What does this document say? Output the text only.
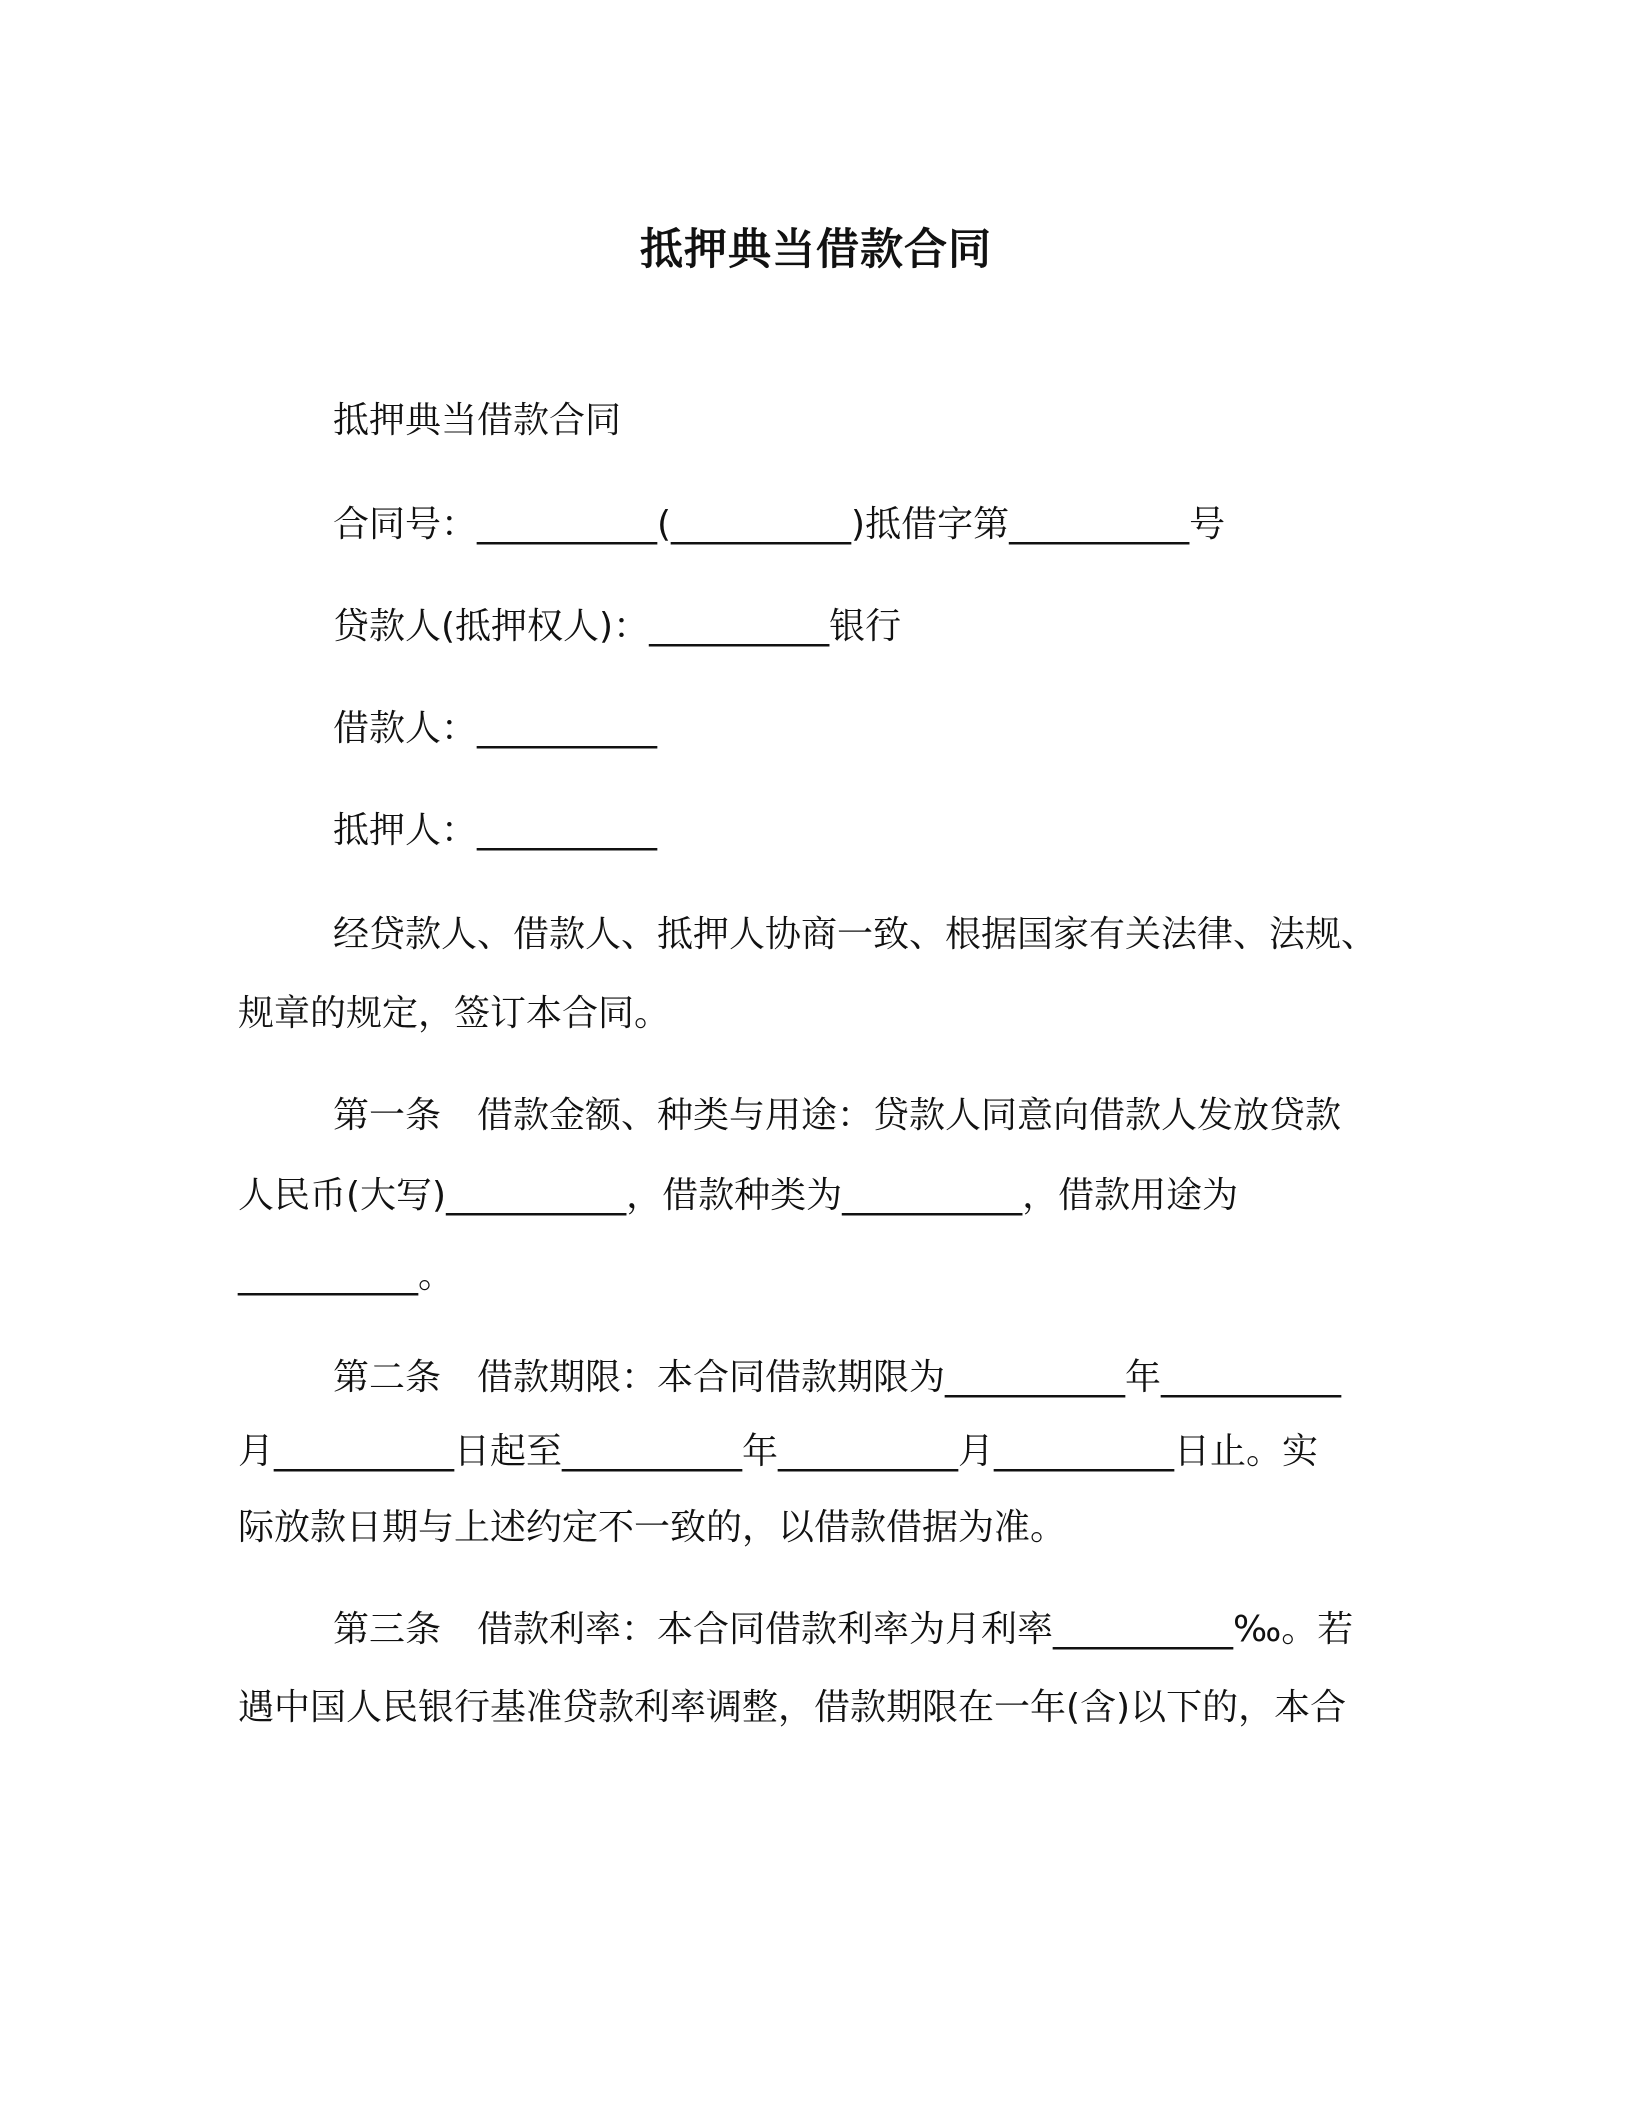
抵押典当借款合同
抵押典当借款合同
合同号：__________(__________)抵借字第__________号
贷款人(抵押权人)：__________银行
借款人：__________
抵押人：__________
经贷款人、借款人、抵押人协商一致、根据国家有关法律、法规、
规章的规定，签订本合同。
第一条　借款金额、种类与用途：贷款人同意向借款人发放贷款
人民币(大写)__________，借款种类为__________，借款用途为
__________。
第二条　借款期限：本合同借款期限为__________年__________
月__________日起至__________年__________月__________日止。实
际放款日期与上述约定不一致的，以借款借据为准。
第三条　借款利率：本合同借款利率为月利率__________‰。若
遇中国人民银行基准贷款利率调整，借款期限在一年(含)以下的，本合
